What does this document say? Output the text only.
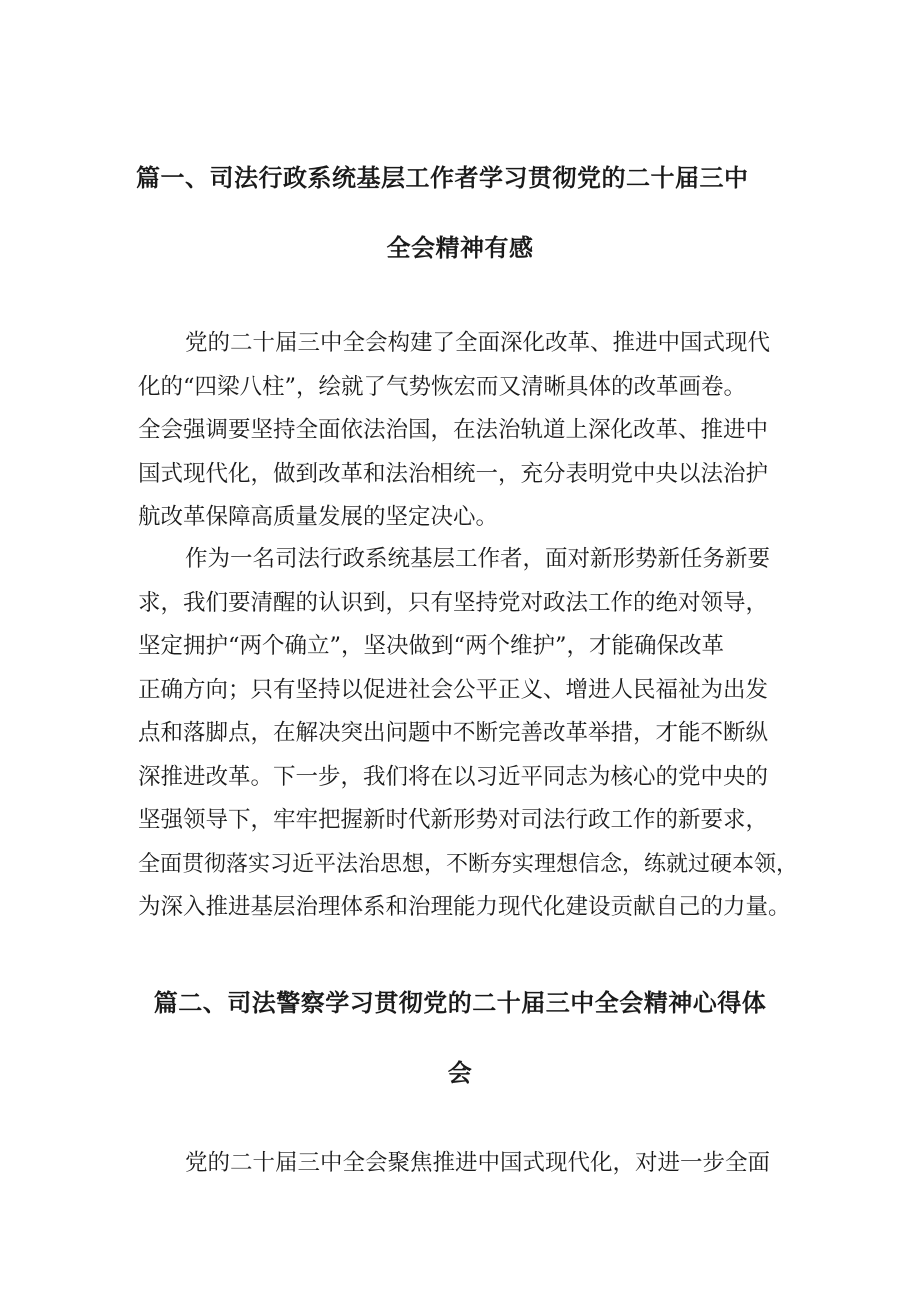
篇一、司法行政系统基层工作者学习贯彻党的二十届三中
全会精神有感

党的二十届三中全会构建了全面深化改革、推进中国式现代
化的“四梁八柱”，绘就了气势恢宏而又清晰具体的改革画卷。
全会强调要坚持全面依法治国，在法治轨道上深化改革、推进中
国式现代化，做到改革和法治相统一，充分表明党中央以法治护
航改革保障高质量发展的坚定决心。

作为一名司法行政系统基层工作者，面对新形势新任务新要
求，我们要清醒的认识到，只有坚持党对政法工作的绝对领导，
坚定拥护“两个确立”，坚决做到“两个维护”，才能确保改革
正确方向；只有坚持以促进社会公平正义、增进人民福祉为出发
点和落脚点，在解决突出问题中不断完善改革举措，才能不断纵
深推进改革。下一步，我们将在以习近平同志为核心的党中央的
坚强领导下，牢牢把握新时代新形势对司法行政工作的新要求，
全面贯彻落实习近平法治思想，不断夯实理想信念，练就过硬本领，
为深入推进基层治理体系和治理能力现代化建设贡献自己的力量。

篇二、司法警察学习贯彻党的二十届三中全会精神心得体
会

党的二十届三中全会聚焦推进中国式现代化，对进一步全面
